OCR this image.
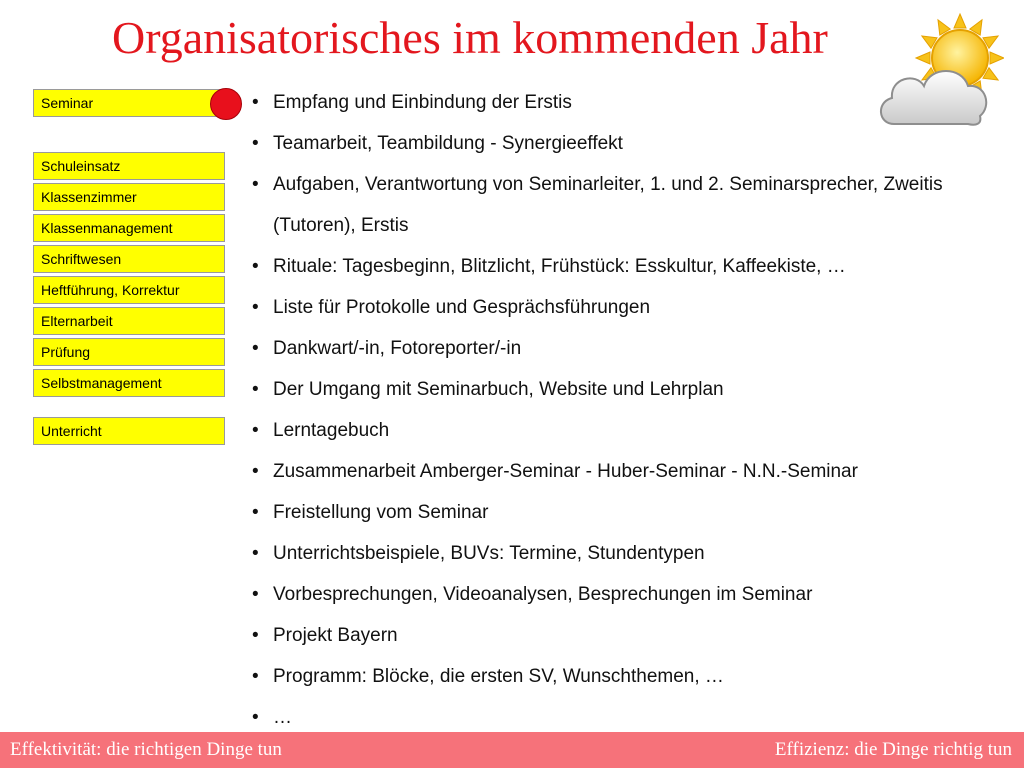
Organisatorisches im kommenden Jahr
Seminar
Schuleinsatz
Klassenzimmer
Klassenmanagement
Schriftwesen
Heftführung, Korrektur
Elternarbeit
Prüfung
Selbstmanagement
Unterricht
• Empfang und Einbindung der Erstis
• Teamarbeit, Teambildung - Synergieeffekt
• Aufgaben, Verantwortung von Seminarleiter, 1. und 2. Seminarsprecher, Zweitis (Tutoren), Erstis
• Rituale: Tagesbeginn, Blitzlicht, Frühstück: Esskultur, Kaffeekiste, …
• Liste für Protokolle und Gesprächsführungen
• Dankwart/-in, Fotoreporter/-in
• Der Umgang mit Seminarbuch, Website und Lehrplan
• Lerntagebuch
• Zusammenarbeit Amberger-Seminar - Huber-Seminar - N.N.-Seminar
• Freistellung vom Seminar
• Unterrichtsbeispiele, BUVs: Termine, Stundentypen
• Vorbesprechungen, Videoanalysen, Besprechungen im Seminar
• Projekt Bayern
• Programm: Blöcke, die ersten SV, Wunschthemen, …
• …
Effektivität: die richtigen Dinge tun	Effizienz: die Dinge richtig tun
